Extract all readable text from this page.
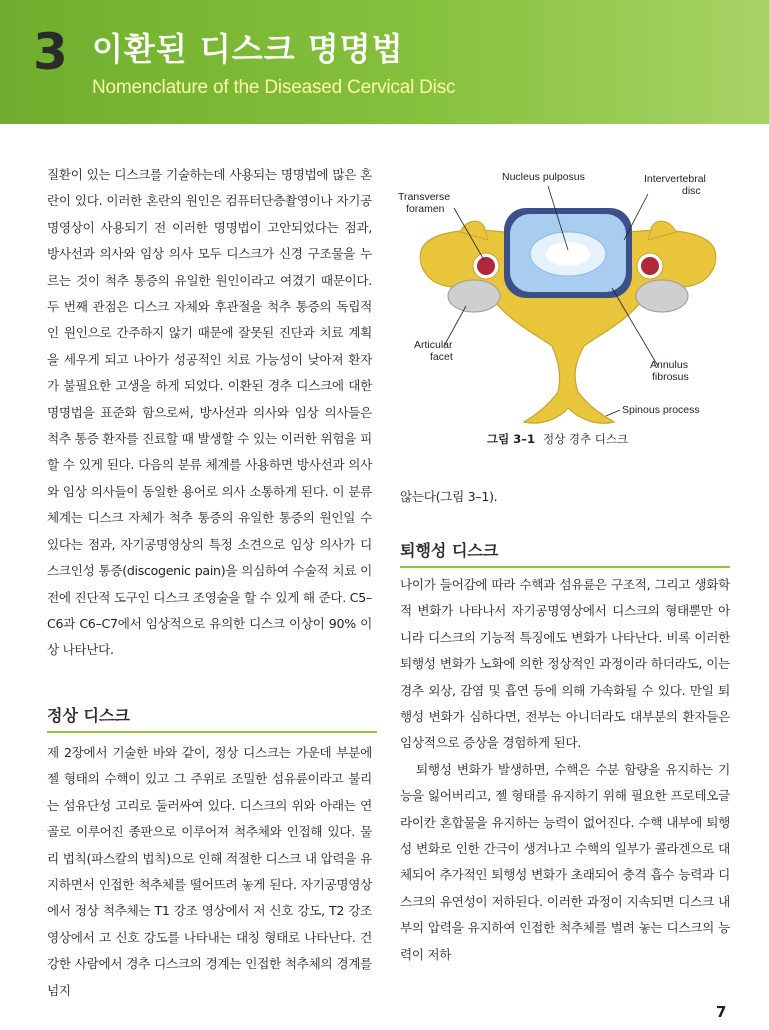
3 이환된 디스크 명명법
Nomenclature of the Diseased Cervical Disc

질환이 있는 디스크를 기술하는데 사용되는 명명법에 많은 혼란이 있다. 이러한 혼란의 원인은 컴퓨터단층촬영이나 자기공명영상이 사용되기 전 이러한 명명법이 고안되었다는 점과, 방사선과 의사와 임상 의사 모두 디스크가 신경 구조물을 누르는 것이 척추 통증의 유일한 원인이라고 여겼기 때문이다. 두 번째 관점은 디스크 자체와 후관절을 척추 통증의 독립적인 원인으로 간주하지 않기 때문에 잘못된 진단과 치료 계획을 세우게 되고 나아가 성공적인 치료 가능성이 낮아져 환자가 불필요한 고생을 하게 되었다. 이환된 경추 디스크에 대한 명명법을 표준화 함으로써, 방사선과 의사와 임상 의사들은 척추 통증 환자를 진료할 때 발생할 수 있는 이러한 위험을 피할 수 있게 된다. 다음의 분류 체계를 사용하면 방사선과 의사와 임상 의사들이 동일한 용어로 의사 소통하게 된다. 이 분류 체계는 디스크 자체가 척추 통증의 유일한 통증의 원인일 수 있다는 점과, 자기공명영상의 특정 소견으로 임상 의사가 디스크인성 통증(discogenic pain)을 의심하여 수술적 치료 이전에 진단적 도구인 디스크 조영술을 할 수 있게 해 준다. C5–C6과 C6–C7에서 임상적으로 유의한 디스크 이상이 90% 이상 나타난다.

정상 디스크

제 2장에서 기술한 바와 같이, 정상 디스크는 가운데 부분에 젤 형태의 수핵이 있고 그 주위로 조밀한 섬유륜이라고 불리는 섬유단성 고리로 둘러싸여 있다. 디스크의 위와 아래는 연골로 이루어진 종판으로 이루어져 척추체와 인접해 있다. 물리 법칙(파스칼의 법칙)으로 인해 적절한 디스크 내 압력을 유지하면서 인접한 척추체를 떨어뜨려 놓게 된다. 자기공명영상에서 정상 척추체는 T1 강조 영상에서 저 신호 강도, T2 강조 영상에서 고 신호 강도를 나타내는 대칭 형태로 나타난다. 건강한 사람에서 경추 디스크의 경계는 인접한 척추체의 경계를 넘지

Nucleus pulposus	Intervertebral disc
Transverse foramen
Articular facet
Annulus fibrosus
Spinous process
그림 3–1 정상 경추 디스크

않는다(그림 3–1).

퇴행성 디스크

나이가 들어감에 따라 수핵과 섬유륜은 구조적, 그리고 생화학적 변화가 나타나서 자기공명영상에서 디스크의 형태뿐만 아니라 디스크의 기능적 특징에도 변화가 나타난다. 비록 이러한 퇴행성 변화가 노화에 의한 정상적인 과정이라 하더라도, 이는 경추 외상, 감염 및 흡연 등에 의해 가속화될 수 있다. 만일 퇴행성 변화가 심하다면, 전부는 아니더라도 대부분의 환자들은 임상적으로 증상을 경험하게 된다.

퇴행성 변화가 발생하면, 수핵은 수분 함량을 유지하는 기능을 잃어버리고, 젤 형태를 유지하기 위해 필요한 프로테오글라이칸 혼합물을 유지하는 능력이 없어진다. 수핵 내부에 퇴행성 변화로 인한 간극이 생겨나고 수핵의 일부가 콜라겐으로 대체되어 추가적인 퇴행성 변화가 초래되어 충격 흡수 능력과 디스크의 유연성이 저하된다. 이러한 과정이 지속되면 디스크 내부의 압력을 유지하여 인접한 척추체를 벌려 놓는 디스크의 능력이 저하

7
